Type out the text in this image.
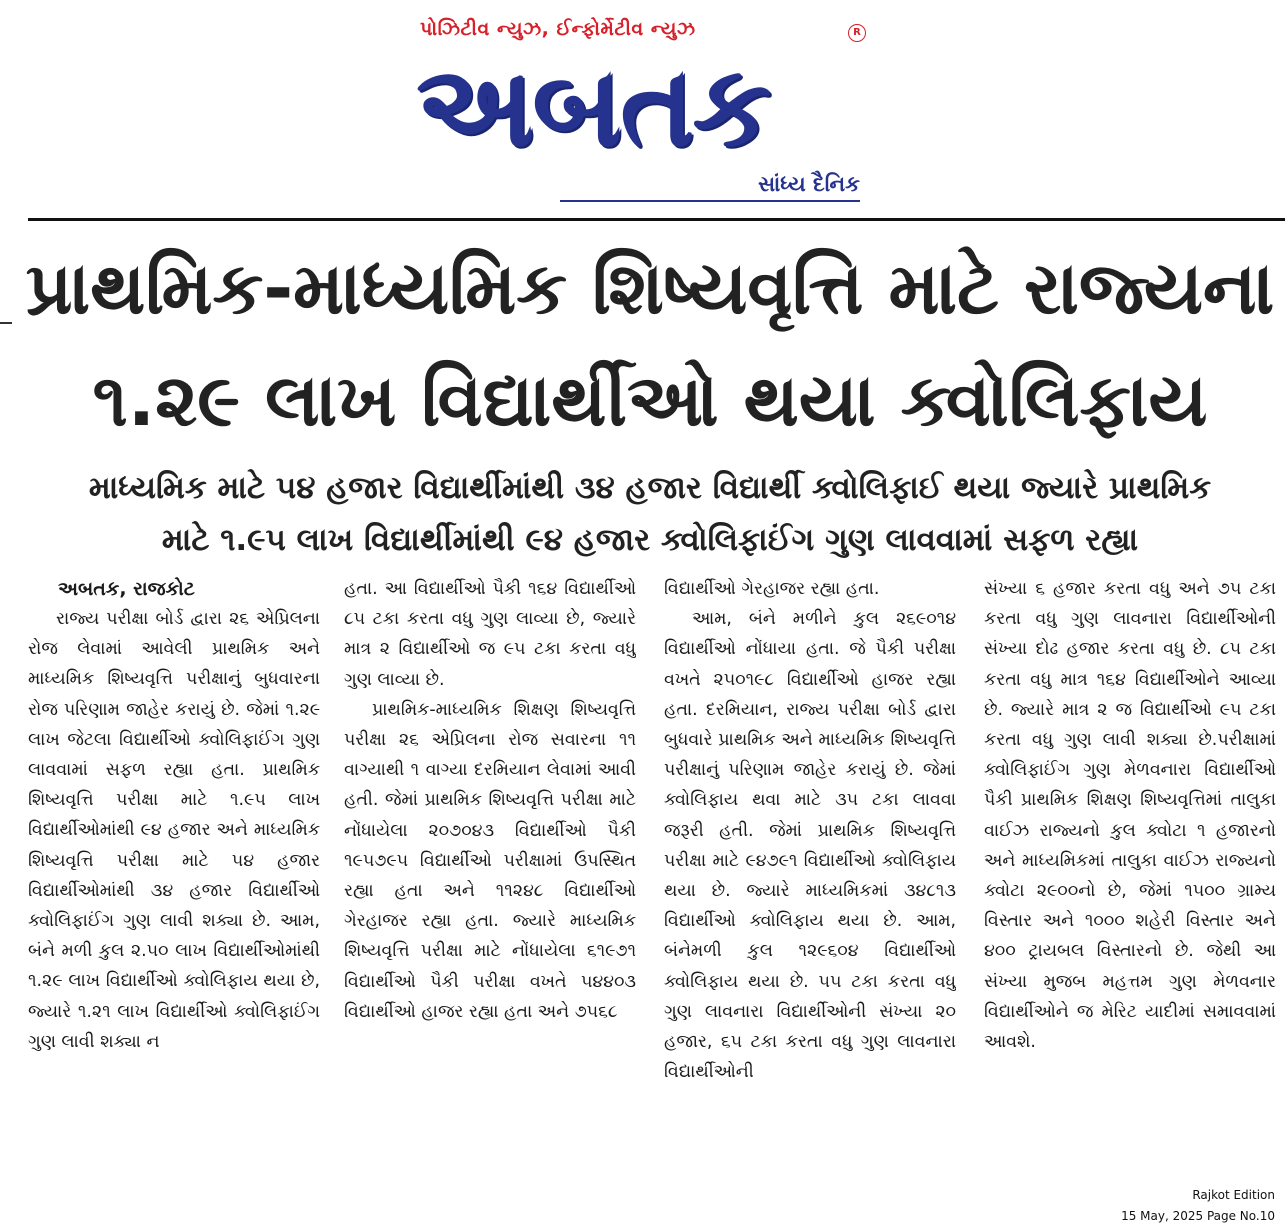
પોઝિટીવ ન્યુઝ, ઈન્ફોર્મેટીવ ન્યુઝ	R
અબતક
સાંધ્ય દૈનિક
પ્રાથમિક-માધ્યમિક શિષ્યવૃત્તિ માટે રાજ્યના
૧.૨૯ લાખ વિદ્યાર્થીઓ થયા ક્વોલિફાય
માધ્યમિક માટે ૫૪ હજાર વિદ્યાર્થીમાંથી ૩૪ હજાર વિદ્યાર્થી ક્વોલિફાઈ થયા જ્યારે પ્રાથમિક
માટે ૧.૯૫ લાખ વિદ્યાર્થીમાંથી ૯૪ હજાર ક્વોલિફાઈંગ ગુણ લાવવામાં સફળ રહ્યા
અબતક, રાજકોટ

રાજ્ય પરીક્ષા બોર્ડ દ્વારા ૨૬ એપ્રિલના રોજ લેવામાં આવેલી પ્રાથમિક અને માધ્યમિક શિષ્યવૃત્તિ પરીક્ષાનું બુધવારના રોજ પરિણામ જાહેર કરાયું છે. જેમાં ૧.૨૯ લાખ જેટલા વિદ્યાર્થીઓ ક્વોલિફાઈંગ ગુણ લાવવામાં સફળ રહ્યા હતા. પ્રાથમિક શિષ્યવૃત્તિ પરીક્ષા માટે ૧.૯૫ લાખ વિદ્યાર્થીઓમાંથી ૯૪ હજાર અને માધ્યમિક શિષ્યવૃત્તિ પરીક્ષા માટે ૫૪ હજાર વિદ્યાર્થીઓમાંથી ૩૪ હજાર વિદ્યાર્થીઓ ક્વોલિફાઈંગ ગુણ લાવી શક્યા છે. આમ, બંને મળી કુલ ૨.૫૦ લાખ વિદ્યાર્થીઓમાંથી ૧.૨૯ લાખ વિદ્યાર્થીઓ ક્વોલિફાય થયા છે, જ્યારે ૧.૨૧ લાખ વિદ્યાર્થીઓ ક્વોલિફાઈંગ ગુણ લાવી શક્યા ન

હતા. આ વિદ્યાર્થીઓ પૈકી ૧૬૪ વિદ્યાર્થીઓ ૮૫ ટકા કરતા વધુ ગુણ લાવ્યા છે, જ્યારે માત્ર ૨ વિદ્યાર્થીઓ જ ૯૫ ટકા કરતા વધુ ગુણ લાવ્યા છે.

પ્રાથમિક-માધ્યમિક શિક્ષણ શિષ્યવૃત્તિ પરીક્ષા ૨૬ એપ્રિલના રોજ સવારના ૧૧ વાગ્યાથી ૧ વાગ્યા દરમિયાન લેવામાં આવી હતી. જેમાં પ્રાથમિક શિષ્યવૃત્તિ પરીક્ષા માટે નોંધાયેલા ૨૦૭૦૪૩ વિદ્યાર્થીઓ પૈકી ૧૯૫૭૯૫ વિદ્યાર્થીઓ પરીક્ષામાં ઉપસ્થિત રહ્યા હતા અને ૧૧૨૪૮ વિદ્યાર્થીઓ ગેરહાજર રહ્યા હતા. જ્યારે માધ્યમિક શિષ્યવૃત્તિ પરીક્ષા માટે નોંધાયેલા ૬૧૯૭૧ વિદ્યાર્થીઓ પૈકી પરીક્ષા વખતે ૫૪૪૦૩ વિદ્યાર્થીઓ હાજર રહ્યા હતા અને ૭૫૬૮

વિદ્યાર્થીઓ ગેરહાજર રહ્યા હતા.

આમ, બંને મળીને કુલ ૨૬૯૦૧૪ વિદ્યાર્થીઓ નોંધાયા હતા. જે પૈકી પરીક્ષા વખતે ૨૫૦૧૯૮ વિદ્યાર્થીઓ હાજર રહ્યા હતા. દરમિયાન, રાજ્ય પરીક્ષા બોર્ડ દ્વારા બુધવારે પ્રાથમિક અને માધ્યમિક શિષ્યવૃત્તિ પરીક્ષાનું પરિણામ જાહેર કરાયું છે. જેમાં ક્વોલિફાય થવા માટે ૩૫ ટકા લાવવા જરૂરી હતી. જેમાં પ્રાથમિક શિષ્યવૃત્તિ પરીક્ષા માટે ૯૪૭૯૧ વિદ્યાર્થીઓ ક્વોલિફાય થયા છે. જ્યારે માધ્યમિકમાં ૩૪૮૧૩ વિદ્યાર્થીઓ ક્વોલિફાય થયા છે. આમ, બંનેમળી કુલ ૧૨૯૬૦૪ વિદ્યાર્થીઓ ક્વોલિફાય થયા છે. ૫૫ ટકા કરતા વધુ ગુણ લાવનારા વિદ્યાર્થીઓની સંખ્યા ૨૦ હજાર, ૬૫ ટકા કરતા વધુ ગુણ લાવનારા વિદ્યાર્થીઓની

સંખ્યા ૬ હજાર કરતા વધુ અને ૭૫ ટકા કરતા વધુ ગુણ લાવનારા વિદ્યાર્થીઓની સંખ્યા દોઢ હજાર કરતા વધુ છે. ૮૫ ટકા કરતા વધુ માત્ર ૧૬૪ વિદ્યાર્થીઓને આવ્યા છે. જ્યારે માત્ર ૨ જ વિદ્યાર્થીઓ ૯૫ ટકા કરતા વધુ ગુણ લાવી શક્યા છે.પરીક્ષામાં ક્વોલિફાઈંગ ગુણ મેળવનારા વિદ્યાર્થીઓ પૈકી પ્રાથમિક શિક્ષણ શિષ્યવૃત્તિમાં તાલુકા વાઈઝ રાજ્યનો કુલ ક્વોટા ૧ હજારનો અને માધ્યમિકમાં તાલુકા વાઈઝ રાજ્યનો ક્વોટા ૨૯૦૦નો છે, જેમાં ૧૫૦૦ ગ્રામ્ય વિસ્તાર અને ૧૦૦૦ શહેરી વિસ્તાર અને ૪૦૦ ટ્રાયબલ વિસ્તારનો છે. જેથી આ સંખ્યા મુજબ મહત્તમ ગુણ મેળવનાર વિદ્યાર્થીઓને જ મેરિટ યાદીમાં સમાવવામાં આવશે.

Rajkot Edition
15 May, 2025 Page No.10
